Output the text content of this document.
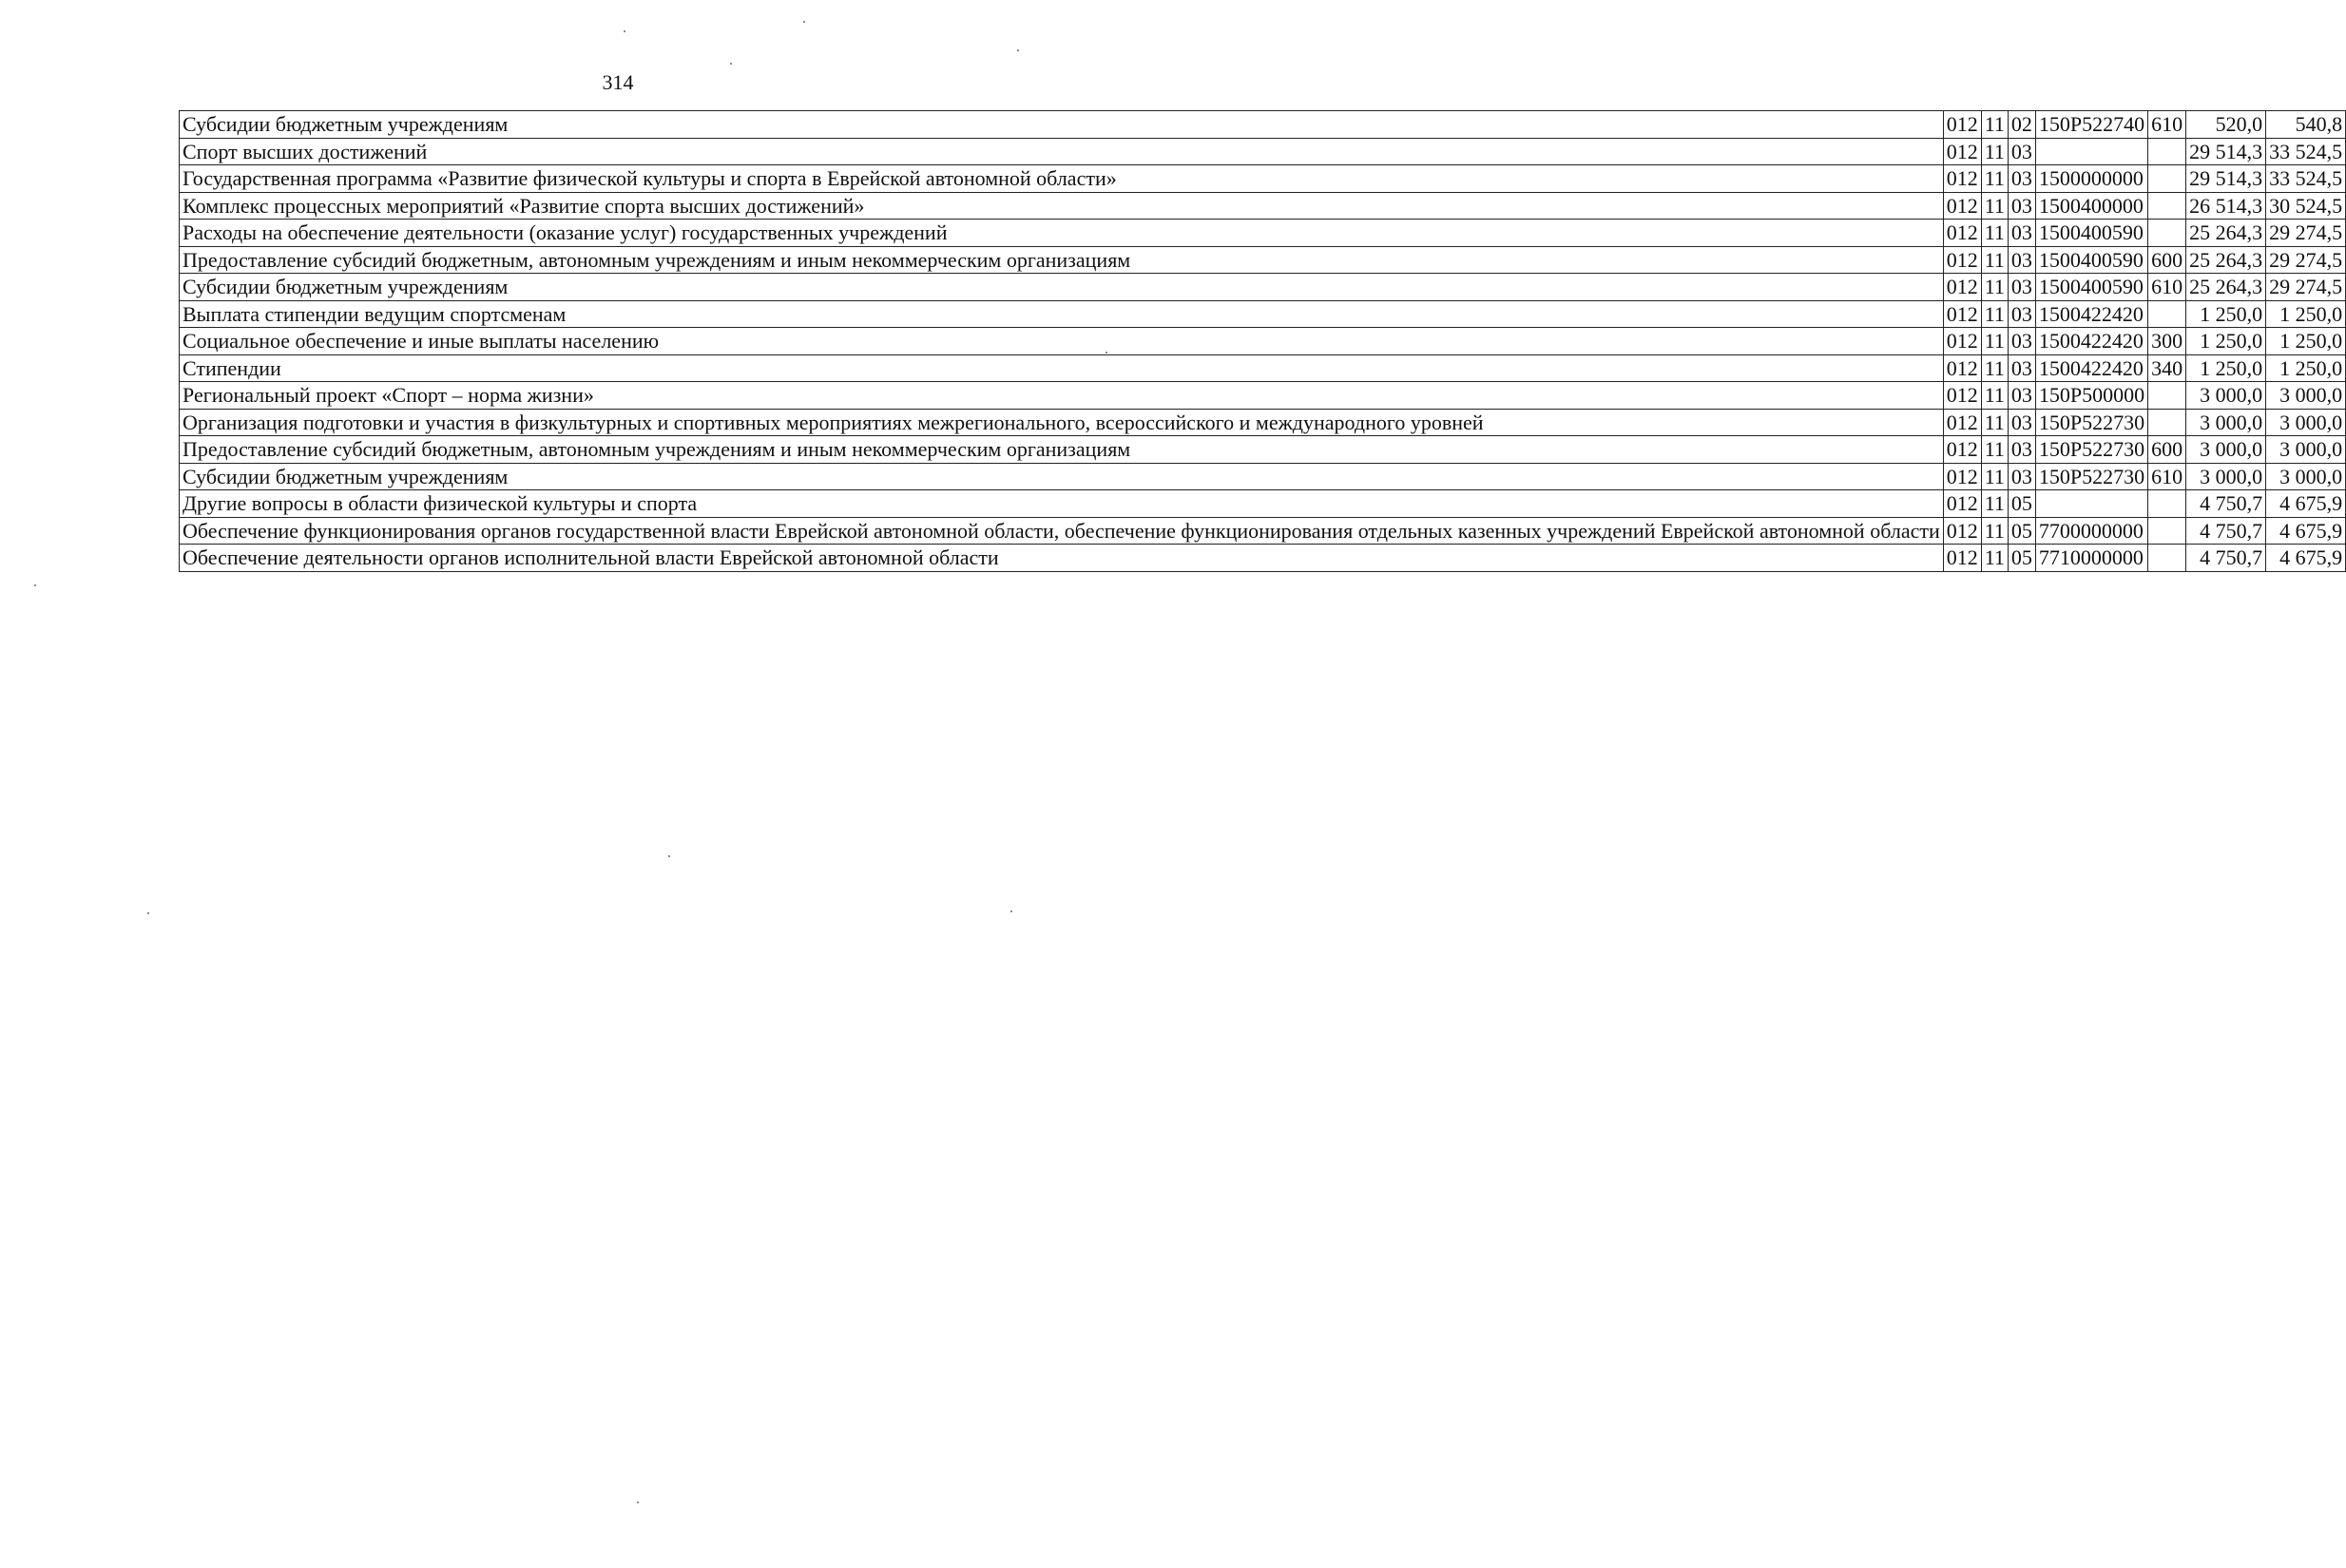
314
Субсидии бюджетным учреждениям	012	11	02	150P522740	610	520,0	540,8
Спорт высших достижений	012	11	03			29 514,3	33 524,5
Государственная программа «Развитие физической культуры и спорта в Еврейской автономной области»	012	11	03	1500000000		29 514,3	33 524,5
Комплекс процессных мероприятий «Развитие спорта высших достижений»	012	11	03	1500400000		26 514,3	30 524,5
Расходы на обеспечение деятельности (оказание услуг) государственных учреждений	012	11	03	1500400590		25 264,3	29 274,5
Предоставление субсидий бюджетным, автономным учреждениям и иным некоммерческим организациям	012	11	03	1500400590	600	25 264,3	29 274,5
Субсидии бюджетным учреждениям	012	11	03	1500400590	610	25 264,3	29 274,5
Выплата стипендии ведущим спортсменам	012	11	03	1500422420		1 250,0	1 250,0
Социальное обеспечение и иные выплаты населению	012	11	03	1500422420	300	1 250,0	1 250,0
Стипендии	012	11	03	1500422420	340	1 250,0	1 250,0
Региональный проект «Спорт – норма жизни»	012	11	03	150P500000		3 000,0	3 000,0
Организация подготовки и участия в физкультурных и спортивных мероприятиях межрегионального, всероссийского и международного уровней	012	11	03	150P522730		3 000,0	3 000,0
Предоставление субсидий бюджетным, автономным учреждениям и иным некоммерческим организациям	012	11	03	150P522730	600	3 000,0	3 000,0
Субсидии бюджетным учреждениям	012	11	03	150P522730	610	3 000,0	3 000,0
Другие вопросы в области физической культуры и спорта	012	11	05			4 750,7	4 675,9
Обеспечение функционирования органов государственной власти Еврейской автономной области, обеспечение функционирования отдельных казенных учреждений Еврейской автономной области	012	11	05	7700000000		4 750,7	4 675,9
Обеспечение деятельности органов исполнительной власти Еврейской автономной области	012	11	05	7710000000		4 750,7	4 675,9
